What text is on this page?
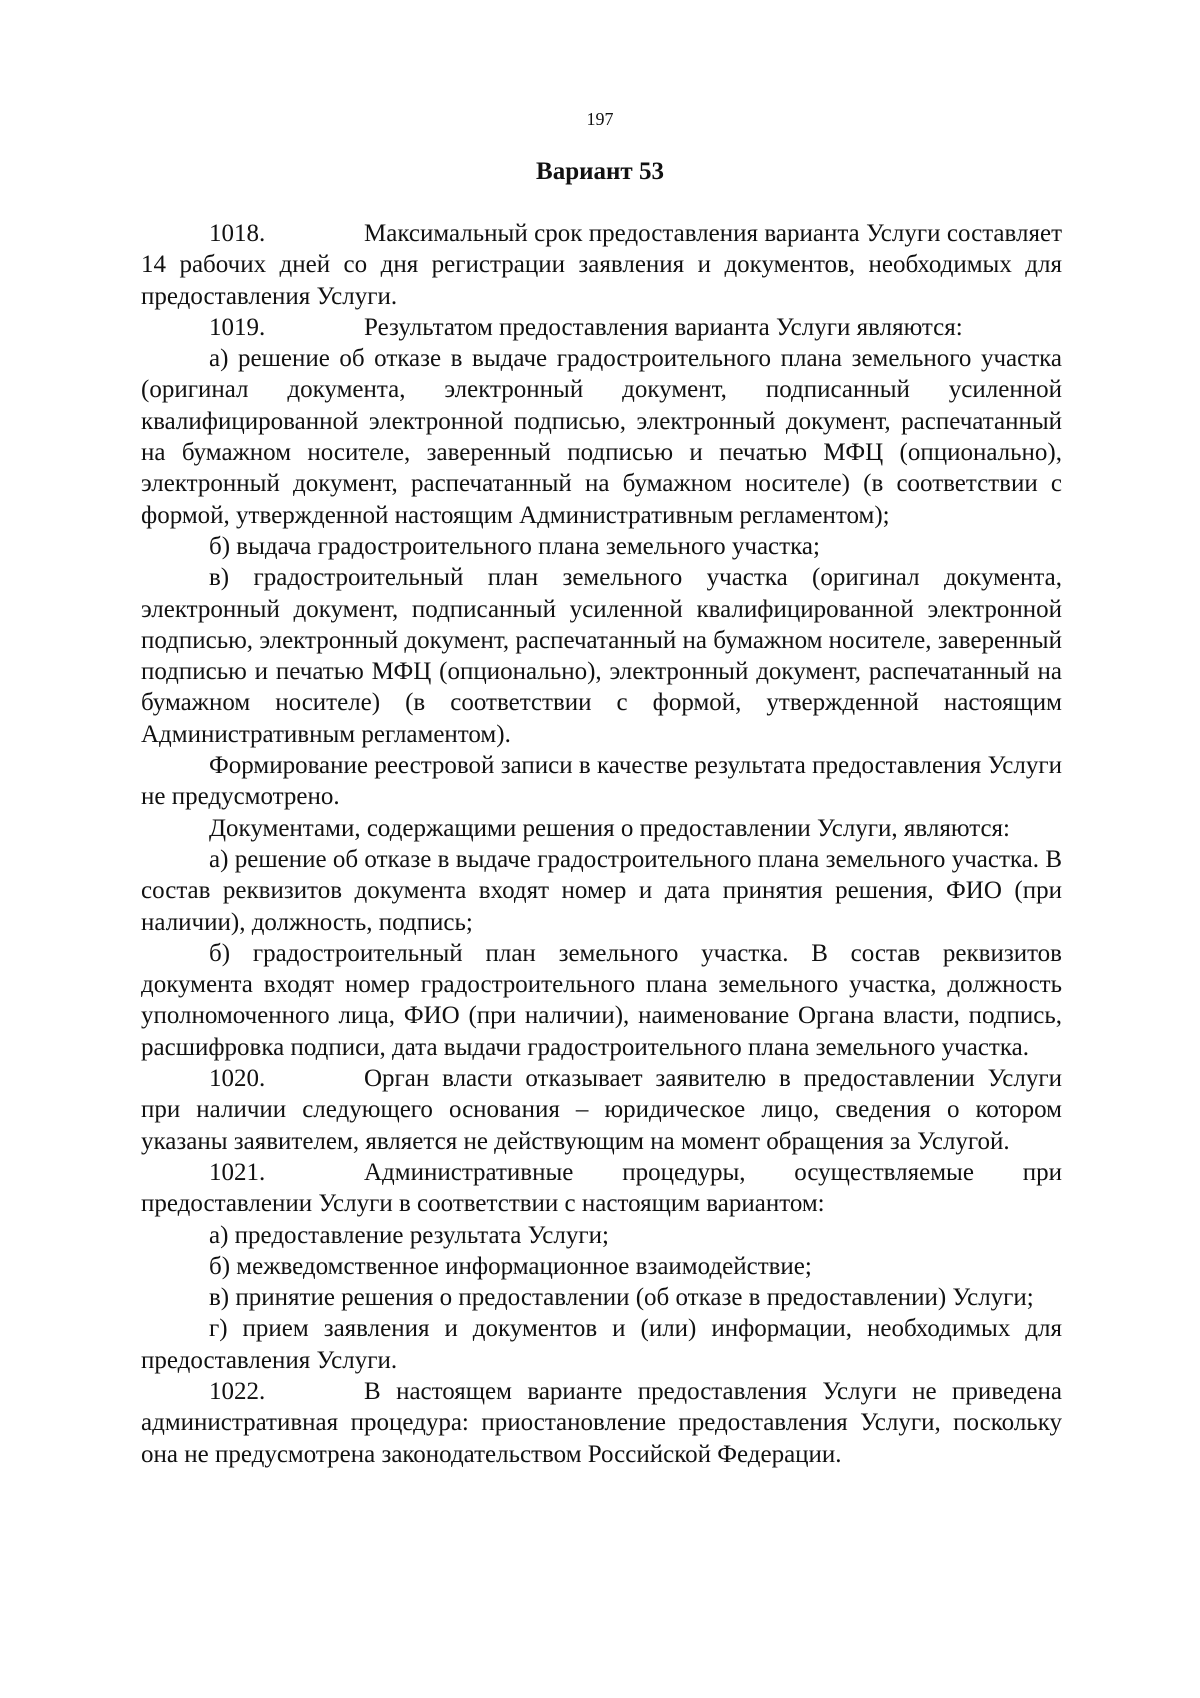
197
Вариант 53

1018.	Максимальный срок предоставления варианта Услуги составляет 14 рабочих дней со дня регистрации заявления и документов, необходимых для предоставления Услуги.

1019.	Результатом предоставления варианта Услуги являются:

а) решение об отказе в выдаче градостроительного плана земельного участка (оригинал документа, электронный документ, подписанный усиленной квалифицированной электронной подписью, электронный документ, распечатанный на бумажном носителе, заверенный подписью и печатью МФЦ (опционально), электронный документ, распечатанный на бумажном носителе) (в соответствии с формой, утвержденной настоящим Административным регламентом);

б) выдача градостроительного плана земельного участка;

в) градостроительный план земельного участка (оригинал документа, электронный документ, подписанный усиленной квалифицированной электронной подписью, электронный документ, распечатанный на бумажном носителе, заверенный подписью и печатью МФЦ (опционально), электронный документ, распечатанный на бумажном носителе) (в соответствии с формой, утвержденной настоящим Административным регламентом).

Формирование реестровой записи в качестве результата предоставления Услуги не предусмотрено.

Документами, содержащими решения о предоставлении Услуги, являются:

а) решение об отказе в выдаче градостроительного плана земельного участка. В состав реквизитов документа входят номер и дата принятия решения, ФИО (при наличии), должность, подпись;

б) градостроительный план земельного участка. В состав реквизитов документа входят номер градостроительного плана земельного участка, должность уполномоченного лица, ФИО (при наличии), наименование Органа власти, подпись, расшифровка подписи, дата выдачи градостроительного плана земельного участка.

1020.	Орган власти отказывает заявителю в предоставлении Услуги при наличии следующего основания – юридическое лицо, сведения о котором указаны заявителем, является не действующим на момент обращения за Услугой.

1021.	Административные процедуры, осуществляемые при предоставлении Услуги в соответствии с настоящим вариантом:

а) предоставление результата Услуги;

б) межведомственное информационное взаимодействие;

в) принятие решения о предоставлении (об отказе в предоставлении) Услуги;

г) прием заявления и документов и (или) информации, необходимых для предоставления Услуги.

1022.	В настоящем варианте предоставления Услуги не приведена административная процедура: приостановление предоставления Услуги, поскольку она не предусмотрена законодательством Российской Федерации.
